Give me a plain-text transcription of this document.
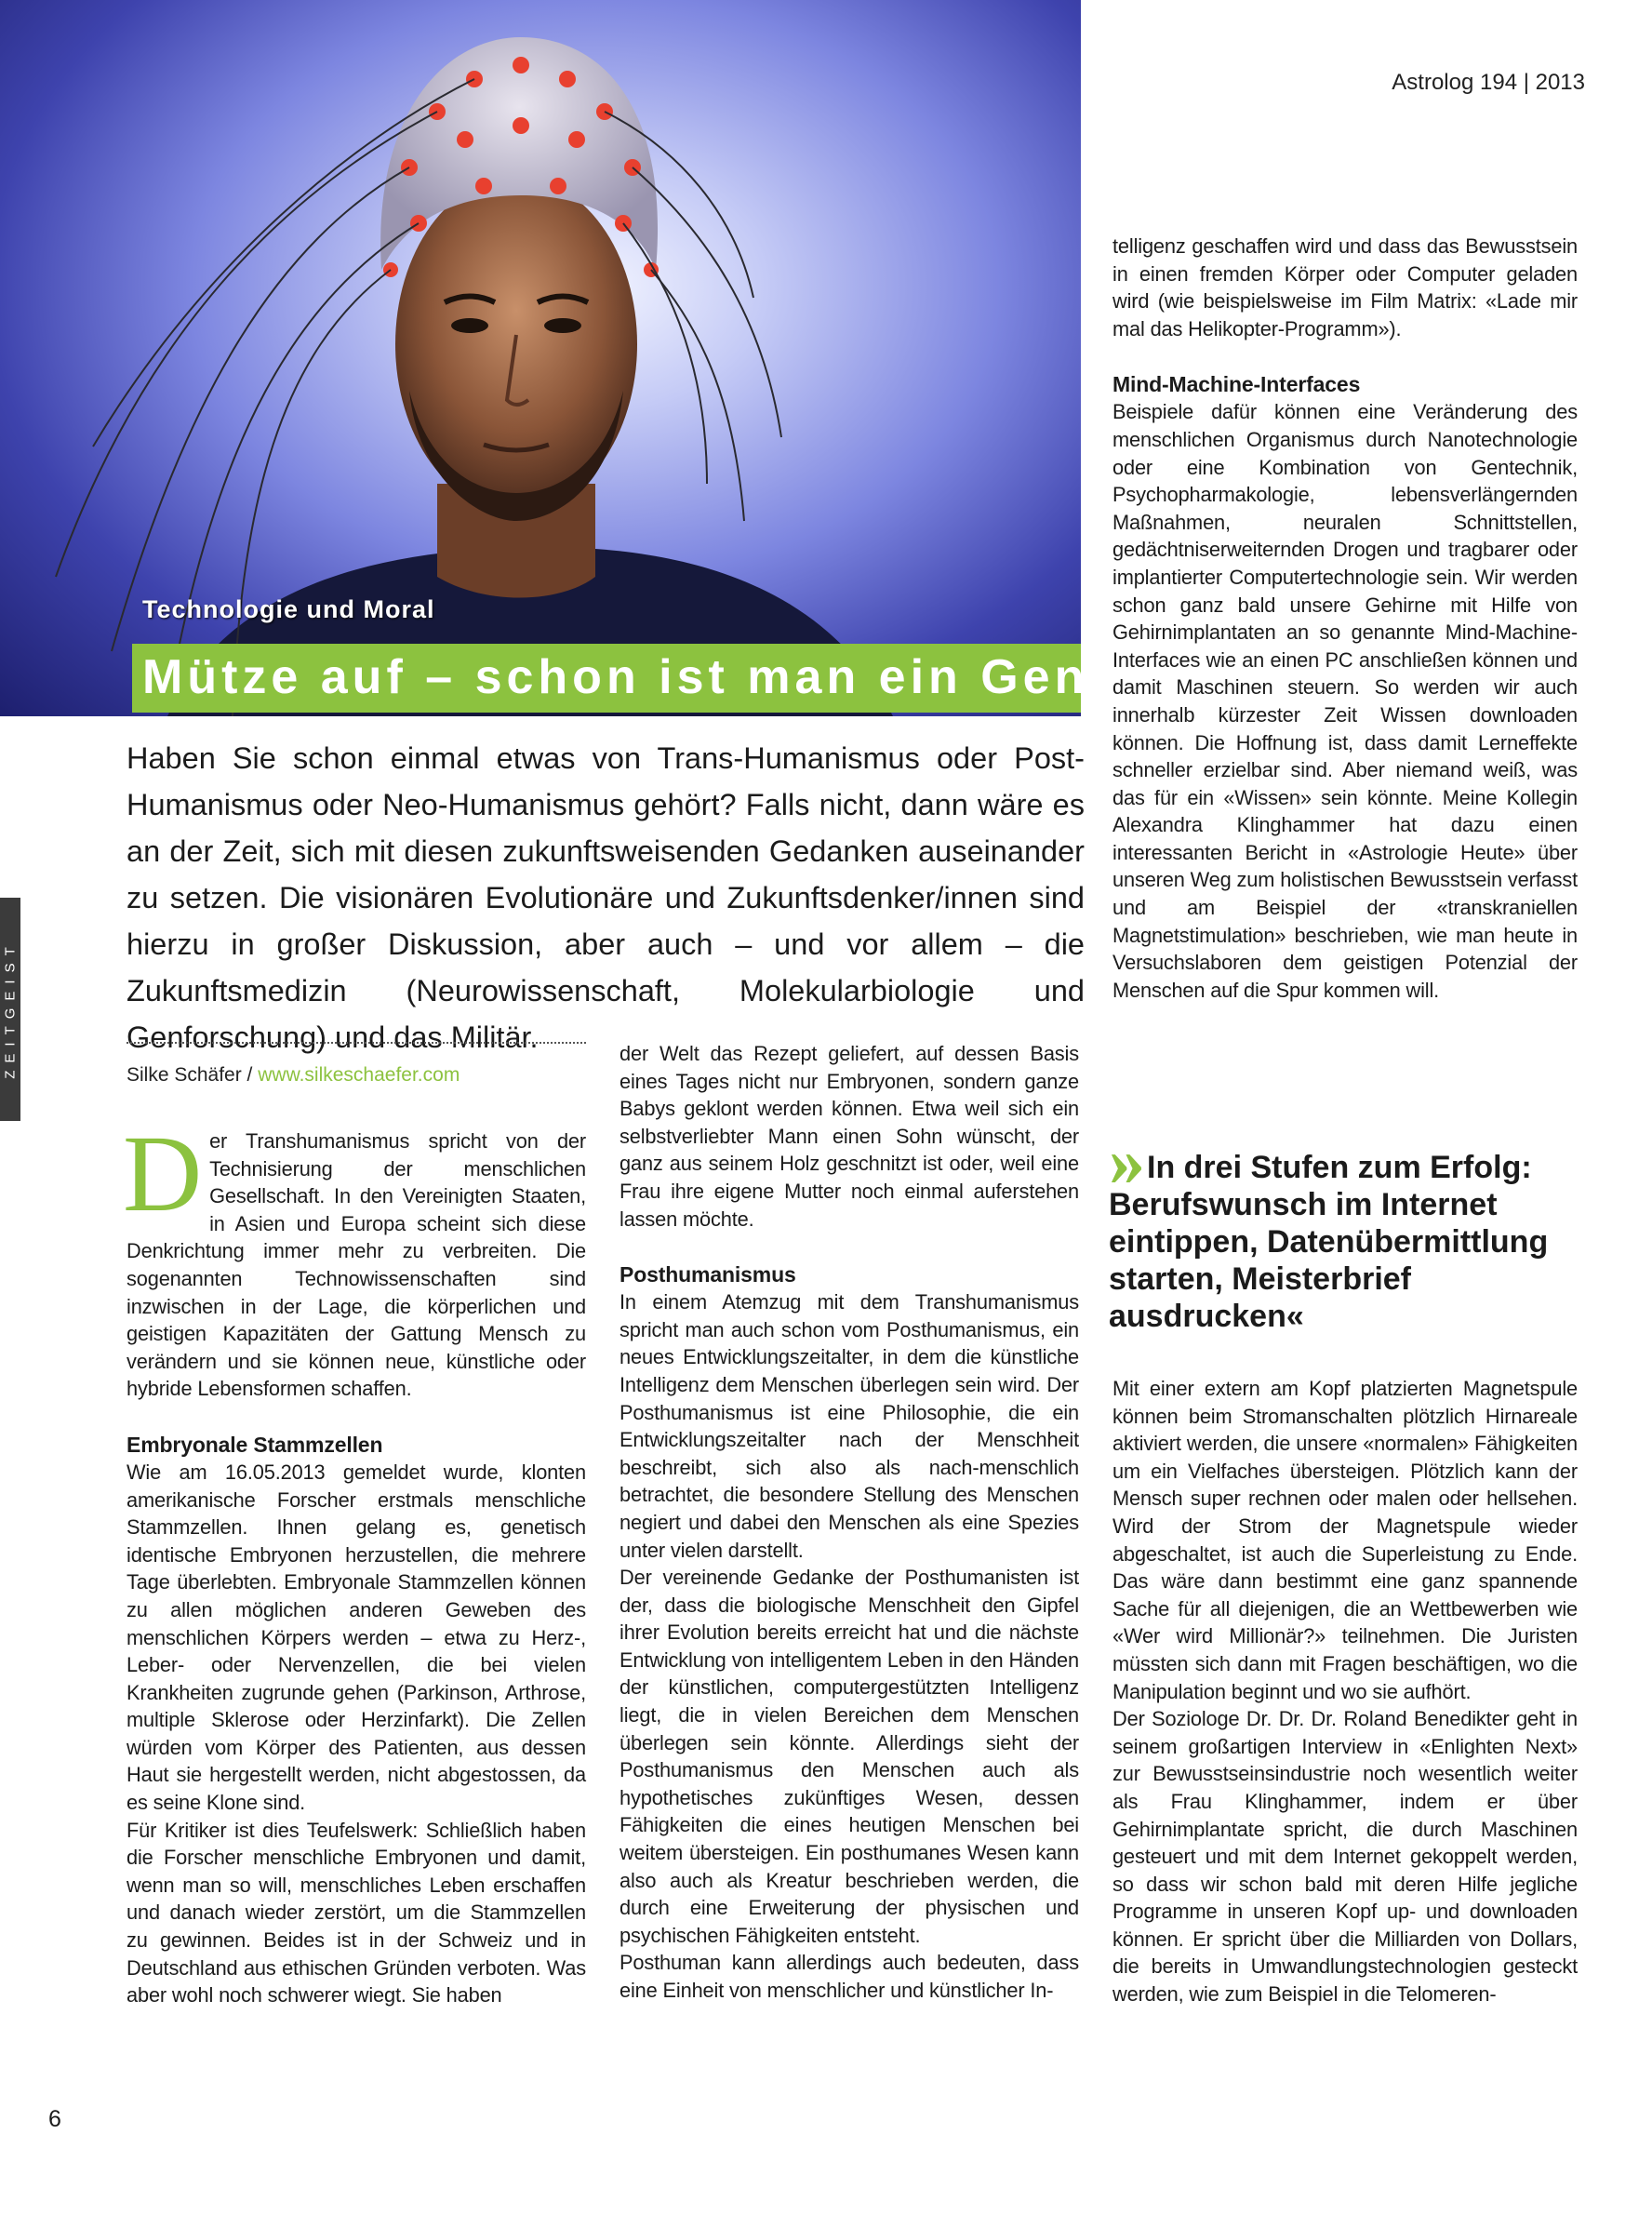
Astrolog 194 | 2013

Technologie und Moral

Mütze auf – schon ist man ein Genie
ZEITGEIST

6

Haben Sie schon einmal etwas von Trans-Humanismus oder Post-Humanismus oder Neo-Humanismus gehört? Falls nicht, dann wäre es an der Zeit, sich mit diesen zukunftsweisenden Gedanken auseinander zu setzen. Die visionären Evolutionäre und Zukunftsdenker/innen sind hierzu in großer Diskussion, aber auch – und vor allem – die Zukunftsmedizin (Neurowissenschaft, Molekularbiologie und Genforschung) und das Militär.

Silke Schäfer / www.silkeschaefer.com

Der Transhumanismus spricht von der Technisierung der menschlichen Gesellschaft. In den Vereinigten Staaten, in Asien und Europa scheint sich diese Denkrichtung immer mehr zu verbreiten. Die sogenannten Technowissenschaften sind inzwischen in der Lage, die körperlichen und geistigen Kapazitäten der Gattung Mensch zu verändern und sie können neue, künstliche oder hybride Lebensformen schaffen.

Embryonale Stammzellen

Wie am 16.05.2013 gemeldet wurde, klonten amerikanische Forscher erstmals menschliche Stammzellen. Ihnen gelang es, genetisch identische Embryonen herzustellen, die mehrere Tage überlebten. Embryonale Stammzellen können zu allen möglichen anderen Geweben des menschlichen Körpers werden – etwa zu Herz-, Leber- oder Nervenzellen, die bei vielen Krankheiten zugrunde gehen (Parkinson, Arthrose, multiple Sklerose oder Herzinfarkt). Die Zellen würden vom Körper des Patienten, aus dessen Haut sie hergestellt werden, nicht abgestossen, da es seine Klone sind.

Für Kritiker ist dies Teufelswerk: Schließlich haben die Forscher menschliche Embryonen und damit, wenn man so will, menschliches Leben erschaffen und danach wieder zerstört, um die Stammzellen zu gewinnen. Beides ist in der Schweiz und in Deutschland aus ethischen Gründen verboten. Was aber wohl noch schwerer wiegt. Sie haben

der Welt das Rezept geliefert, auf dessen Basis eines Tages nicht nur Embryonen, sondern ganze Babys geklont werden können. Etwa weil sich ein selbstverliebter Mann einen Sohn wünscht, der ganz aus seinem Holz geschnitzt ist oder, weil eine Frau ihre eigene Mutter noch einmal auferstehen lassen möchte.

Posthumanismus

In einem Atemzug mit dem Transhumanismus spricht man auch schon vom Posthumanismus, ein neues Entwicklungszeitalter, in dem die künstliche Intelligenz dem Menschen überlegen sein wird. Der Posthumanismus ist eine Philosophie, die ein Entwicklungszeitalter nach der Menschheit beschreibt, sich also als nach-menschlich betrachtet, die besondere Stellung des Menschen negiert und dabei den Menschen als eine Spezies unter vielen darstellt.

Der vereinende Gedanke der Posthumanisten ist der, dass die biologische Menschheit den Gipfel ihrer Evolution bereits erreicht hat und die nächste Entwicklung von intelligentem Leben in den Händen der künstlichen, computergestützten Intelligenz liegt, die in vielen Bereichen dem Menschen überlegen sein könnte. Allerdings sieht der Posthumanismus den Menschen auch als hypothetisches zukünftiges Wesen, dessen Fähigkeiten die eines heutigen Menschen bei weitem übersteigen. Ein posthumanes Wesen kann also auch als Kreatur beschrieben werden, die durch eine Erweiterung der physischen und psychischen Fähigkeiten entsteht.

Posthuman kann allerdings auch bedeuten, dass eine Einheit von menschlicher und künstlicher In-

telligenz geschaffen wird und dass das Bewusstsein in einen fremden Körper oder Computer geladen wird (wie beispielsweise im Film Matrix: «Lade mir mal das Helikopter-Programm»).

Mind-Machine-Interfaces

Beispiele dafür können eine Veränderung des menschlichen Organismus durch Nanotechnologie oder eine Kombination von Gentechnik, Psychopharmakologie, lebensverlängernden Maßnahmen, neuralen Schnittstellen, gedächtniserweiternden Drogen und tragbarer oder implantierter Computertechnologie sein. Wir werden schon ganz bald unsere Gehirne mit Hilfe von Gehirnimplantaten an so genannte Mind-Machine-Interfaces wie an einen PC anschließen können und damit Maschinen steuern. So werden wir auch innerhalb kürzester Zeit Wissen downloaden können. Die Hoffnung ist, dass damit Lerneffekte schneller erzielbar sind. Aber niemand weiß, was das für ein «Wissen» sein könnte. Meine Kollegin Alexandra Klinghammer hat dazu einen interessanten Bericht in «Astrologie Heute» über unseren Weg zum holistischen Bewusstsein verfasst und am Beispiel der «transkraniellen Magnetstimulation» beschrieben, wie man heute in Versuchslaboren dem geistigen Potenzial der Menschen auf die Spur kommen will.

»In drei Stufen zum Erfolg: Berufswunsch im Internet eintippen, Datenübermittlung starten, Meisterbrief ausdrucken«

Mit einer extern am Kopf platzierten Magnetspule können beim Stromanschalten plötzlich Hirnareale aktiviert werden, die unsere «normalen» Fähigkeiten um ein Vielfaches übersteigen. Plötzlich kann der Mensch super rechnen oder malen oder hellsehen. Wird der Strom der Magnetspule wieder abgeschaltet, ist auch die Superleistung zu Ende. Das wäre dann bestimmt eine ganz spannende Sache für all diejenigen, die an Wettbewerben wie «Wer wird Millionär?» teilnehmen. Die Juristen müssten sich dann mit Fragen beschäftigen, wo die Manipulation beginnt und wo sie aufhört.

Der Soziologe Dr. Dr. Dr. Roland Benedikter geht in seinem großartigen Interview in «Enlighten Next» zur Bewusstseinsindustrie noch wesentlich weiter als Frau Klinghammer, indem er über Gehirnimplantate spricht, die durch Maschinen gesteuert und mit dem Internet gekoppelt werden, so dass wir schon bald mit deren Hilfe jegliche Programme in unseren Kopf up- und downloaden können. Er spricht über die Milliarden von Dollars, die bereits in Umwandlungstechnologien gesteckt werden, wie zum Beispiel in die Telomeren-
